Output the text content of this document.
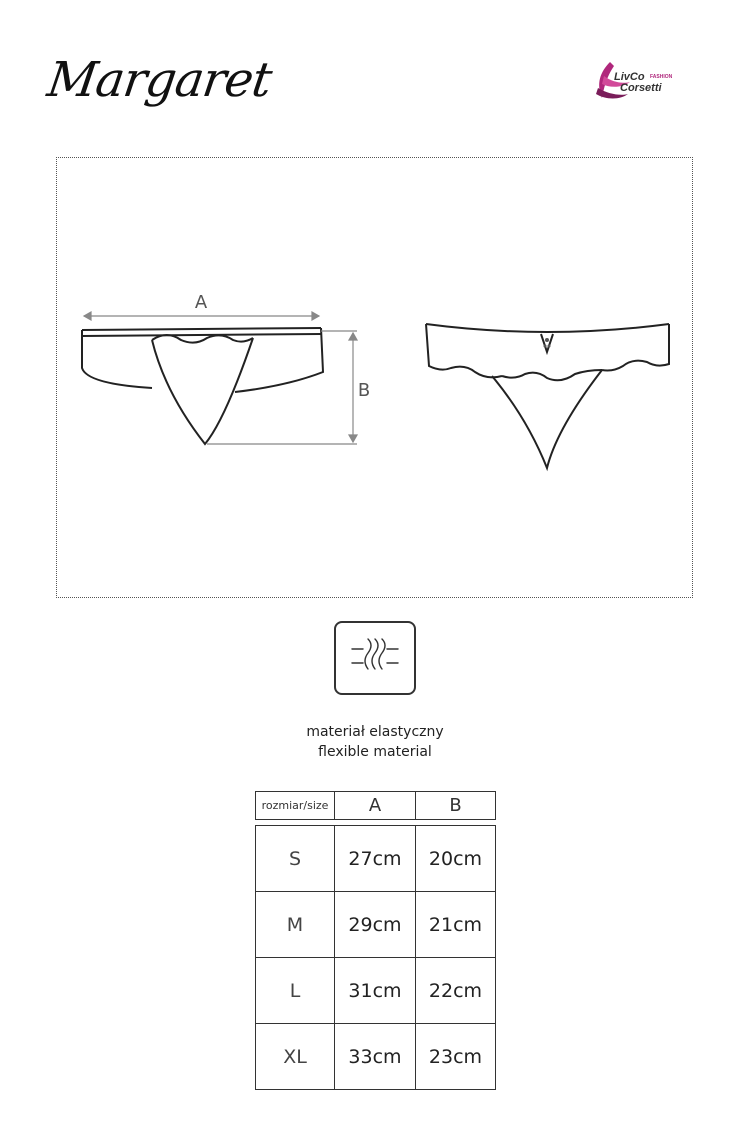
Margaret	LivCo
Corsetti
FASHION
A
B
materiał elastyczny
flexible material
rozmiar/size	A	B
S	27cm	20cm
M	29cm	21cm
L	31cm	22cm
XL	33cm	23cm
